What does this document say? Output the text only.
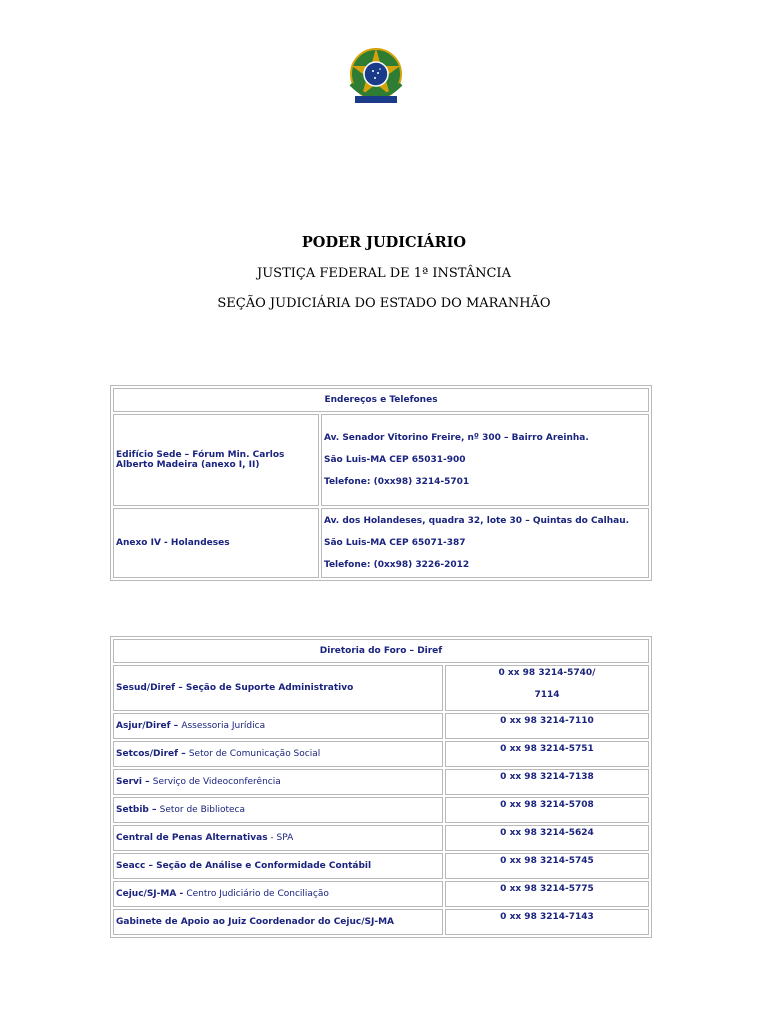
PODER JUDICIÁRIO
JUSTIÇA FEDERAL DE 1ª INSTÂNCIA
SEÇÃO JUDICIÁRIA DO ESTADO DO MARANHÃO
Endereços e Telefones	
Edifício Sede – Fórum Min. Carlos Alberto Madeira (anexo I, II)	Av. Senador Vitorino Freire, nº 300 – Bairro Areinha.

São Luis-MA CEP 65031-900

Telefone: (0xx98) 3214-5701

Anexo IV - Holandeses	Av. dos Holandeses, quadra 32, lote 30 – Quintas do Calhau.

São Luis-MA CEP 65071-387

Telefone: (0xx98) 3226-2012

Diretoria do Foro – Diref	
Sesud/Diref – Seção de Suporte Administrativo	0 xx 98 3214-5740/
7114

Asjur/Diref – Assessoria Jurídica	0 xx 98 3214-7110
Setcos/Diref – Setor de Comunicação Social	0 xx 98 3214-5751
Servi – Serviço de Videoconferência	0 xx 98 3214-7138
Setbib – Setor de Biblioteca	0 xx 98 3214-5708
Central de Penas Alternativas - SPA	0 xx 98 3214-5624
Seacc – Seção de Análise e Conformidade Contábil	0 xx 98 3214-5745
Cejuc/SJ-MA - Centro Judiciário de Conciliação	0 xx 98 3214-5775
Gabinete de Apoio ao Juiz Coordenador do Cejuc/SJ-MA	0 xx 98 3214-7143
